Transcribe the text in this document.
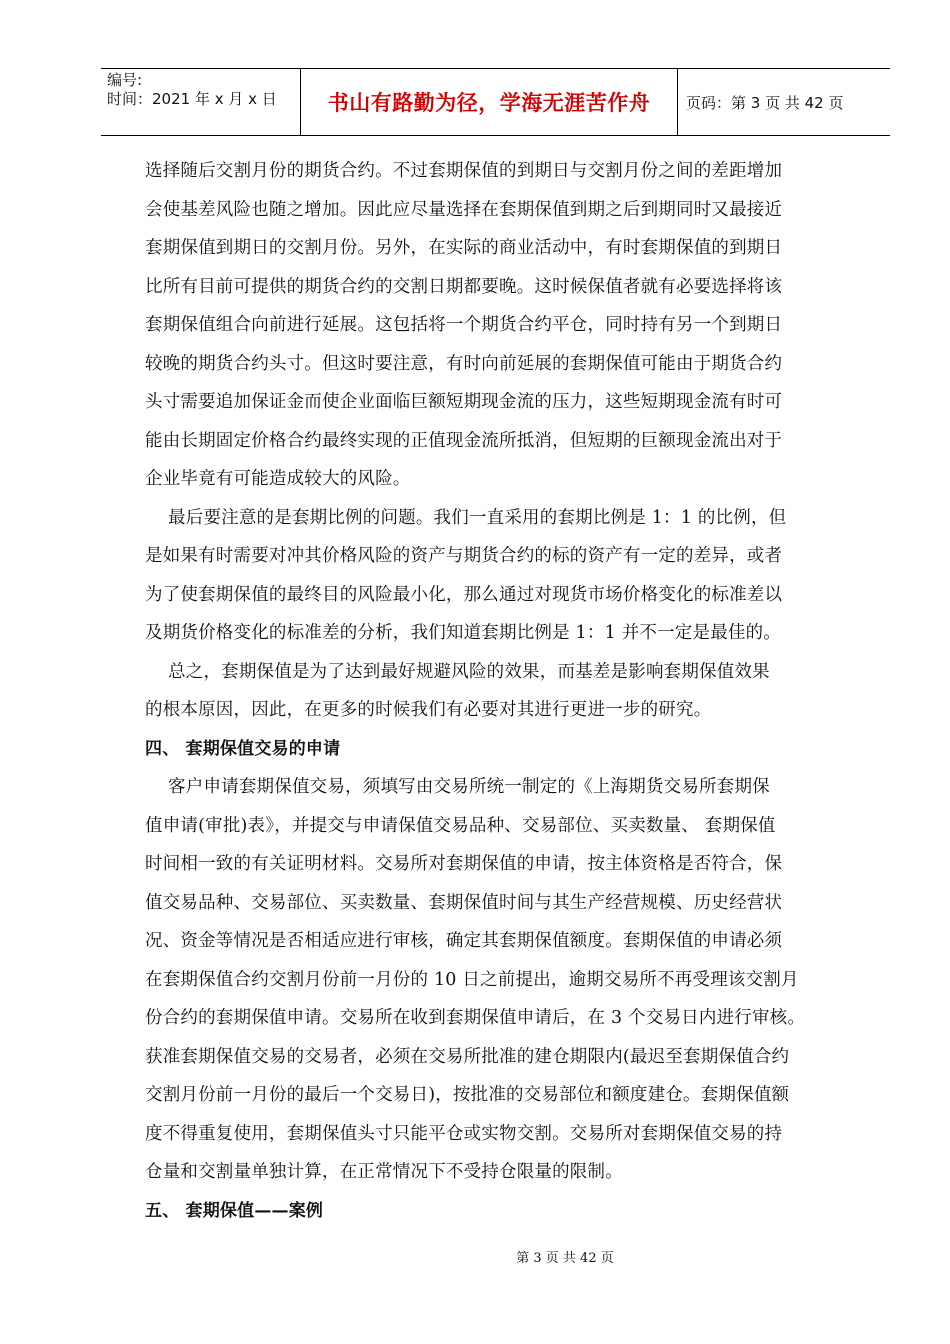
编号:
时间：2021 年 x 月 x 日	书山有路勤为径，学海无涯苦作舟 页码：第 3 页 共 42 页
选择随后交割月份的期货合约。不过套期保值的到期日与交割月份之间的差距增加
会使基差风险也随之增加。因此应尽量选择在套期保值到期之后到期同时又最接近
套期保值到期日的交割月份。另外，在实际的商业活动中，有时套期保值的到期日
比所有目前可提供的期货合约的交割日期都要晚。这时候保值者就有必要选择将该
套期保值组合向前进行延展。这包括将一个期货合约平仓，同时持有另一个到期日
较晚的期货合约头寸。但这时要注意，有时向前延展的套期保值可能由于期货合约
头寸需要追加保证金而使企业面临巨额短期现金流的压力，这些短期现金流有时可
能由长期固定价格合约最终实现的正值现金流所抵消，但短期的巨额现金流出对于
企业毕竟有可能造成较大的风险。
最后要注意的是套期比例的问题。我们一直采用的套期比例是 1：1 的比例，但
是如果有时需要对冲其价格风险的资产与期货合约的标的资产有一定的差异，或者
为了使套期保值的最终目的风险最小化，那么通过对现货市场价格变化的标准差以
及期货价格变化的标准差的分析，我们知道套期比例是 1：1 并不一定是最佳的。
总之，套期保值是为了达到最好规避风险的效果，而基差是影响套期保值效果
的根本原因，因此，在更多的时候我们有必要对其进行更进一步的研究。
四、 套期保值交易的申请
客户申请套期保值交易，须填写由交易所统一制定的《上海期货交易所套期保
值申请(审批)表》，并提交与申请保值交易品种、交易部位、买卖数量、 套期保值
时间相一致的有关证明材料。交易所对套期保值的申请，按主体资格是否符合，保
值交易品种、交易部位、买卖数量、套期保值时间与其生产经营规模、历史经营状
况、资金等情况是否相适应进行审核，确定其套期保值额度。套期保值的申请必须
在套期保值合约交割月份前一月份的 10 日之前提出，逾期交易所不再受理该交割月
份合约的套期保值申请。交易所在收到套期保值申请后，在 3 个交易日内进行审核。
获准套期保值交易的交易者，必须在交易所批准的建仓期限内(最迟至套期保值合约
交割月份前一月份的最后一个交易日)，按批准的交易部位和额度建仓。套期保值额
度不得重复使用，套期保值头寸只能平仓或实物交割。交易所对套期保值交易的持
仓量和交割量单独计算，在正常情况下不受持仓限量的限制。
五、 套期保值——案例
第 3 页 共 42 页
